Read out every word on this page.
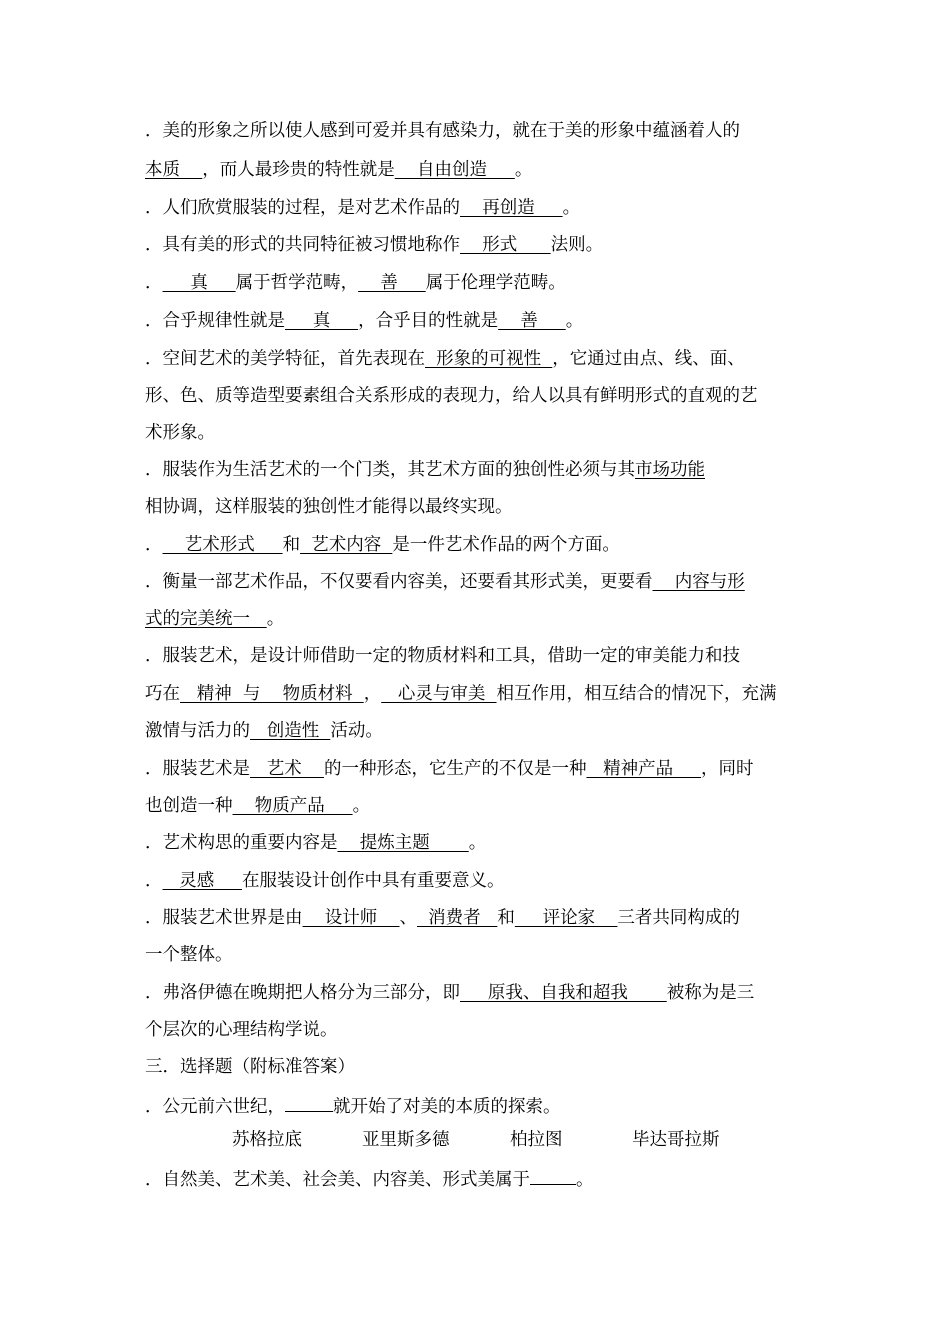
．美的形象之所以使人感到可爱并具有感染力，就在于美的形象中蕴涵着人的
本质    ，而人最珍贵的特性就是    自由创造     。
．人们欣赏服装的过程，是对艺术作品的    再创造     。
．具有美的形式的共同特征被习惯地称作    形式      法则。
．     真     属于哲学范畴，    善     属于伦理学范畴。
．合乎规律性就是     真     ，合乎目的性就是    善     。
．空间艺术的美学特征，首先表现在  形象的可视性  ，它通过由点、线、面、
形、色、质等造型要素组合关系形成的表现力，给人以具有鲜明形式的直观的艺
术形象。
．服装作为生活艺术的一个门类，其艺术方面的独创性必须与其市场功能
相协调，这样服装的独创性才能得以最终实现。
．    艺术形式     和  艺术内容  是一件艺术作品的两个方面。
．衡量一部艺术作品，不仅要看内容美，还要看其形式美，更要看    内容与形
式的完美统一   。
．服装艺术，是设计师借助一定的物质材料和工具，借助一定的审美能力和技
巧在   精神  与    物质材料  ，   心灵与审美  相互作用，相互结合的情况下，充满
激情与活力的   创造性  活动。
．服装艺术是   艺术    的一种形态，它生产的不仅是一种   精神产品     ，同时
也创造一种    物质产品     。
．艺术构思的重要内容是    提炼主题       。
．   灵感     在服装设计创作中具有重要意义。
．服装艺术世界是由    设计师    、  消费者   和     评论家    三者共同构成的
一个整体。
．弗洛伊德在晚期把人格分为三部分，即     原我、自我和超我       被称为是三
个层次的心理结构学说。
三．选择题（附标准答案）
．公元前六世纪，	就开始了对美的本质的探索。
苏格拉底	亚里斯多德	柏拉图	毕达哥拉斯
．自然美、艺术美、社会美、内容美、形式美属于	。
